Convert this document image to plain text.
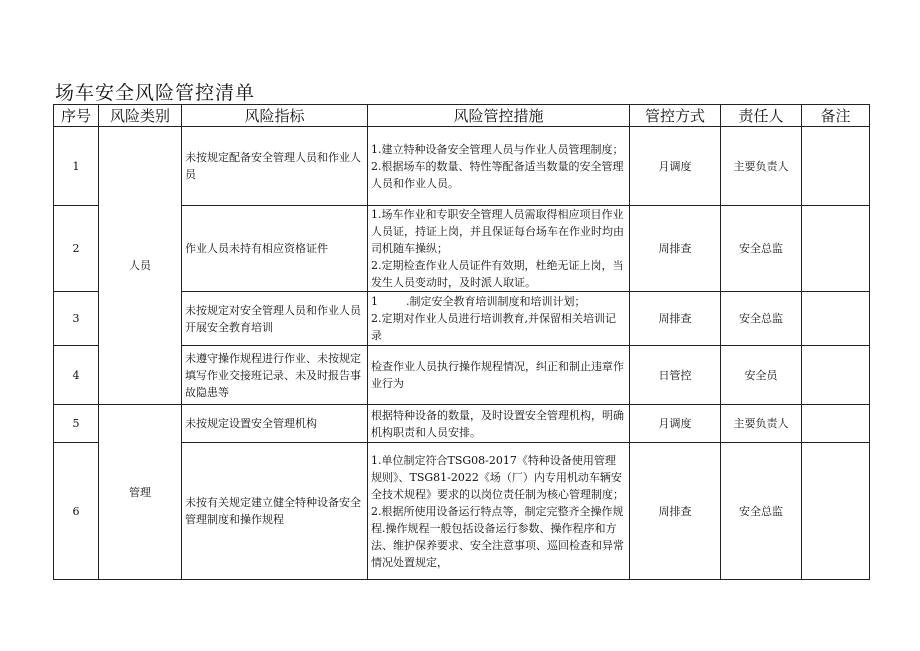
场车安全风险管控清单
序号	风险类别	风险指标	风险管控措施	管控方式	责任人	备注
1	人员	未按规定配备安全管理人员和作业人员	1.建立特种设备安全管理人员与作业人员管理制度；
2.根据场车的数量、特性等配备适当数量的安全管理人员和作业人员。	月调度	主要负责人	
2		作业人员未持有相应资格证件	1.场车作业和专职安全管理人员需取得相应项目作业人员证，持证上岗，并且保证每台场车在作业时均由司机随车操纵；
2.定期检查作业人员证件有效期，杜绝无证上岗，当发生人员变动时，及时派人取证。	周排查	安全总监	
3		未按规定对安全管理人员和作业人员开展安全教育培训	1        .制定安全教育培训制度和培训计划；
2.定期对作业人员进行培训教育,并保留相关培训记录	周排查	安全总监	
4		未遵守操作规程进行作业、未按规定填写作业交接班记录、未及时报告事故隐患等	检查作业人员执行操作规程情况，纠正和制止违章作业行为	日管控	安全员	
5	管理	未按规定设置安全管理机构	根据特种设备的数量，及时设置安全管理机构，明确机构职责和人员安排。	月调度	主要负责人	
6		未按有关规定建立健全特种设备安全管理制度和操作规程	1.单位制定符合TSG08-2017《特种设备使用管理规则》、TSG81-2022《场（厂）内专用机动车辆安全技术规程》要求的以岗位责任制为核心管理制度；
2.根据所使用设备运行特点等，制定完整齐全操作规程.操作规程一般包括设备运行参数、操作程序和方法、维护保养要求、安全注意事项、巡回检查和异常情况处置规定，	周排查	安全总监	
